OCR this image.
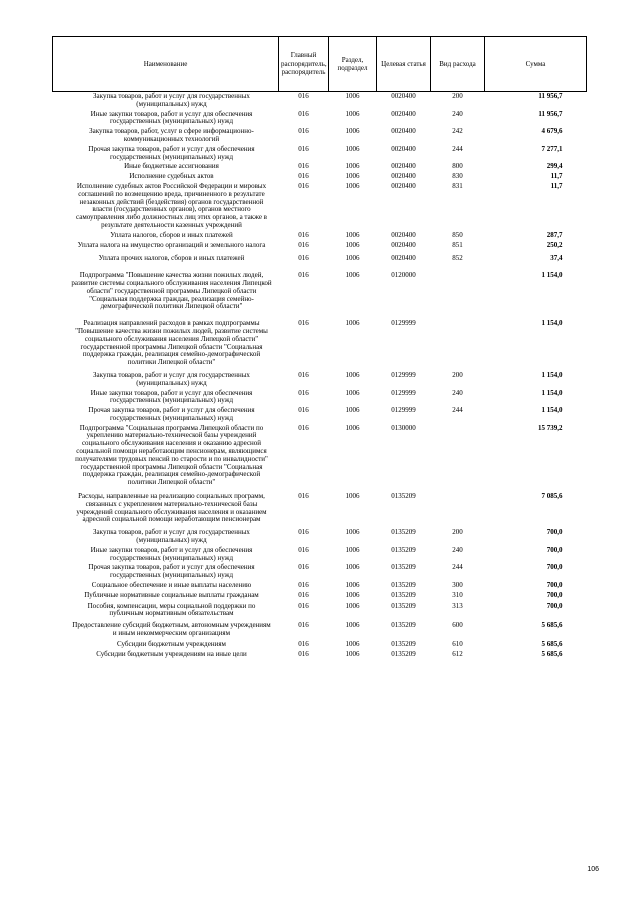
Наименование	Главный распорядитель, распорядитель	Раздел, подраздел	Целевая статья	Вид расхода	Сумма
Закупка товаров, работ и услуг для государственных (муниципальных) нужд	016	1006	0020400	200	11 956,7
Иные закупки товаров, работ и услуг для обеспечения государственных (муниципальных) нужд	016	1006	0020400	240	11 956,7
Закупка товаров, работ, услуг в сфере информационно-коммуникационных технологий	016	1006	0020400	242	4 679,6
Прочая закупка товаров, работ и услуг для обеспечения государственных (муниципальных) нужд	016	1006	0020400	244	7 277,1
Иные бюджетные ассигнования	016	1006	0020400	800	299,4
Исполнение судебных актов	016	1006	0020400	830	11,7
Исполнение судебных актов Российской Федерации и мировых соглашений по возмещению вреда, причиненного в результате незаконных действий (бездействия) органов государственной власти (государственных органов), органов местного самоуправления либо должностных лиц этих органов, а также в результате деятельности казенных учреждений	016	1006	0020400	831	11,7
Уплата налогов, сборов и иных платежей	016	1006	0020400	850	287,7
Уплата налога на имущество организаций и земельного налога	016	1006	0020400	851	250,2
Уплата прочих налогов, сборов и иных платежей	016	1006	0020400	852	37,4
Подпрограмма "Повышение качества жизни пожилых людей, развитие системы социального обслуживания населения Липецкой области" государственной программы Липецкой области "Социальная поддержка граждан, реализация семейно-демографической политики Липецкой области"	016	1006	0120000		1 154,0
Реализация направлений расходов в рамках подпрограммы "Повышение качества жизни пожилых людей, развитие системы социального обслуживания населения Липецкой области" государственной программы Липецкой области "Социальная поддержка граждан, реализация семейно-демографической политики Липецкой области"	016	1006	0129999		1 154,0
Закупка товаров, работ и услуг для государственных (муниципальных) нужд	016	1006	0129999	200	1 154,0
Иные закупки товаров, работ и услуг для обеспечения государственных (муниципальных) нужд	016	1006	0129999	240	1 154,0
Прочая закупка товаров, работ и услуг для обеспечения государственных (муниципальных) нужд	016	1006	0129999	244	1 154,0
Подпрограмма "Социальная программа Липецкой области по укреплению материально-технической базы учреждений социального обслуживания населения и оказанию адресной социальной помощи неработающим пенсионерам, являющимся получателями трудовых пенсий по старости и по инвалидности" государственной программы Липецкой области "Социальная поддержка граждан, реализация семейно-демографической политики Липецкой области"	016	1006	0130000		15 739,2
Расходы, направленные на реализацию социальных программ, связанных с укреплением материально-технической базы учреждений социального обслуживания населения и оказанием адресной социальной помощи неработающим пенсионерам	016	1006	0135209		7 085,6
Закупка товаров, работ и услуг для государственных (муниципальных) нужд	016	1006	0135209	200	700,0
Иные закупки товаров, работ и услуг для обеспечения государственных (муниципальных) нужд	016	1006	0135209	240	700,0
Прочая закупка товаров, работ и услуг для обеспечения государственных (муниципальных) нужд	016	1006	0135209	244	700,0
Социальное обеспечение и иные выплаты населению	016	1006	0135209	300	700,0
Публичные нормативные социальные выплаты гражданам	016	1006	0135209	310	700,0
Пособия, компенсации, меры социальной поддержки по публичным нормативным обязательствам	016	1006	0135209	313	700,0
Предоставление субсидий бюджетным, автономным учреждениям и иным некоммерческим организациям	016	1006	0135209	600	5 685,6
Субсидии бюджетным учреждениям	016	1006	0135209	610	5 685,6
Субсидии бюджетным учреждениям на иные цели	016	1006	0135209	612	5 685,6
106
